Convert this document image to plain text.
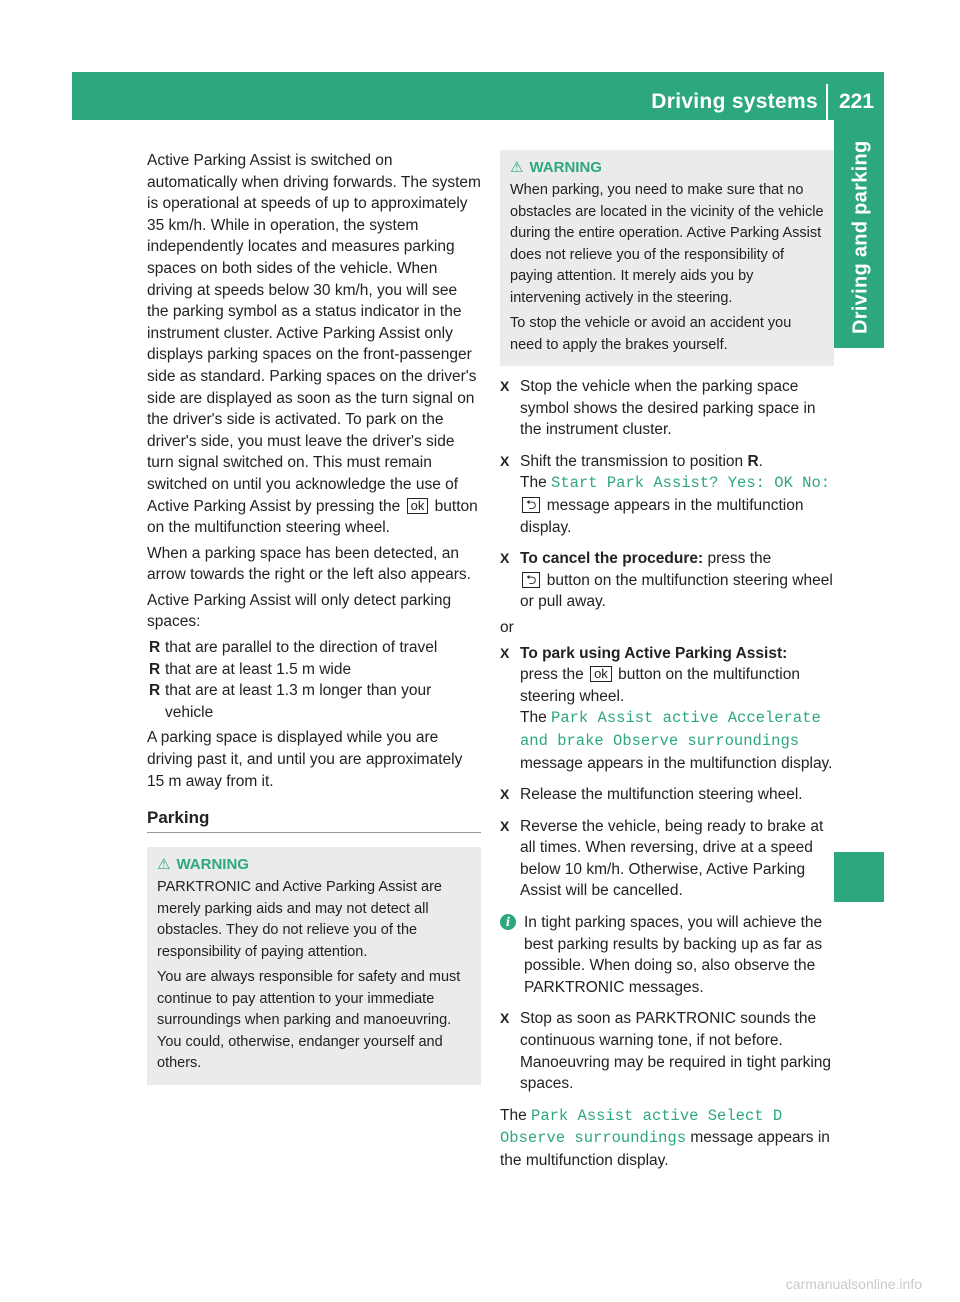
Driving systems 221
Driving and parking

Active Parking Assist is switched on automatically when driving forwards. The system is operational at speeds of up to approximately 35 km/h. While in operation, the system independently locates and measures parking spaces on both sides of the vehicle. When driving at speeds below 30 km/h, you will see the parking symbol as a status indicator in the instrument cluster. Active Parking Assist only displays parking spaces on the front-passenger side as standard. Parking spaces on the driver's side are displayed as soon as the turn signal on the driver's side is activated. To park on the driver's side, you must leave the driver's side turn signal switched on. This must remain switched on until you acknowledge the use of Active Parking Assist by pressing the ok button on the multifunction steering wheel.

When a parking space has been detected, an arrow towards the right or the left also appears.

Active Parking Assist will only detect parking spaces:

R that are parallel to the direction of travel
R that are at least 1.5 m wide
R that are at least 1.3 m longer than your vehicle

A parking space is displayed while you are driving past it, and until you are approximately 15 m away from it.

Parking
⚠ WARNING

PARKTRONIC and Active Parking Assist are merely parking aids and may not detect all obstacles. They do not relieve you of the responsibility of paying attention.

You are always responsible for safety and must continue to pay attention to your immediate surroundings when parking and manoeuvring. You could, otherwise, endanger yourself and others.

⚠ WARNING

When parking, you need to make sure that no obstacles are located in the vicinity of the vehicle during the entire operation. Active Parking Assist does not relieve you of the responsibility of paying attention. It merely aids you by intervening actively in the steering.

To stop the vehicle or avoid an accident you need to apply the brakes yourself.

X Stop the vehicle when the parking space symbol shows the desired parking space in the instrument cluster.

X Shift the transmission to position R.
The Start Park Assist? Yes: OK No:
⮌ message appears in the multifunction display.

X To cancel the procedure: press the
⮌ button on the multifunction steering wheel or pull away.

or

X To park using Active Parking Assist:
press the ok button on the multifunction steering wheel.
The Park Assist active Accelerate and brake Observe surroundings message appears in the multifunction display.

X Release the multifunction steering wheel.

X Reverse the vehicle, being ready to brake at all times. When reversing, drive at a speed below 10 km/h. Otherwise, Active Parking Assist will be cancelled.

i In tight parking spaces, you will achieve the best parking results by backing up as far as possible. When doing so, also observe the PARKTRONIC messages.

X Stop as soon as PARKTRONIC sounds the continuous warning tone, if not before. Manoeuvring may be required in tight parking spaces.

The Park Assist active Select D Observe surroundings message appears in the multifunction display.

carmanualsonline.info
